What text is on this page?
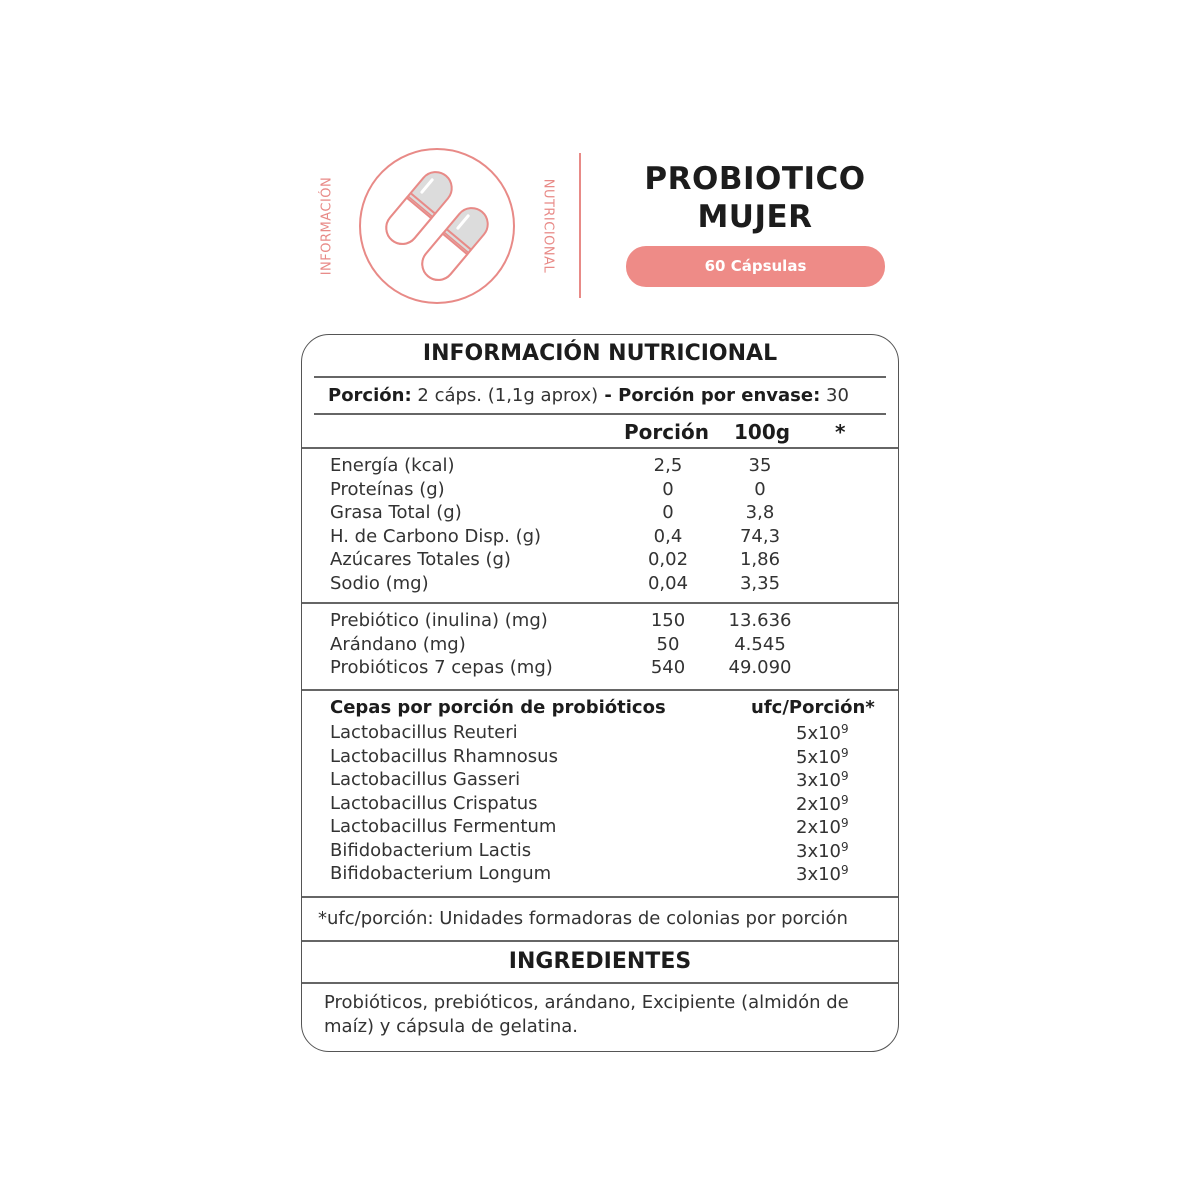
INFORMACIÓN	NUTRICIONAL	PROBIOTICO
MUJER
60 Cápsulas
INFORMACIÓN NUTRICIONAL
Porción: 2 cáps. (1,1g aprox) - Porción por envase: 30
Porción 100g *
Energía (kcal)	2,5	35
Proteínas (g)	0	0
Grasa Total (g)	0	3,8
H. de Carbono Disp. (g)	0,4	74,3
Azúcares Totales (g)	0,02	1,86
Sodio (mg)	0,04	3,35
Prebiótico (inulina) (mg)	150	13.636
Arándano (mg)	50	4.545
Probióticos 7 cepas (mg)	540	49.090
Cepas por porción de probióticos	ufc/Porción*
Lactobacillus Reuteri	$5x10^9$
Lactobacillus Rhamnosus	$5x10^9$
Lactobacillus Gasseri	$3x10^9$
Lactobacillus Crispatus	$2x10^9$
Lactobacillus Fermentum	$2x10^9$
Bifidobacterium Lactis	$3x10^9$
Bifidobacterium Longum	$3x10^9$
*ufc/porción: Unidades formadoras de colonias por porción
INGREDIENTES
Probióticos, prebióticos, arándano, Excipiente (almidón de maíz) y cápsula de gelatina.
